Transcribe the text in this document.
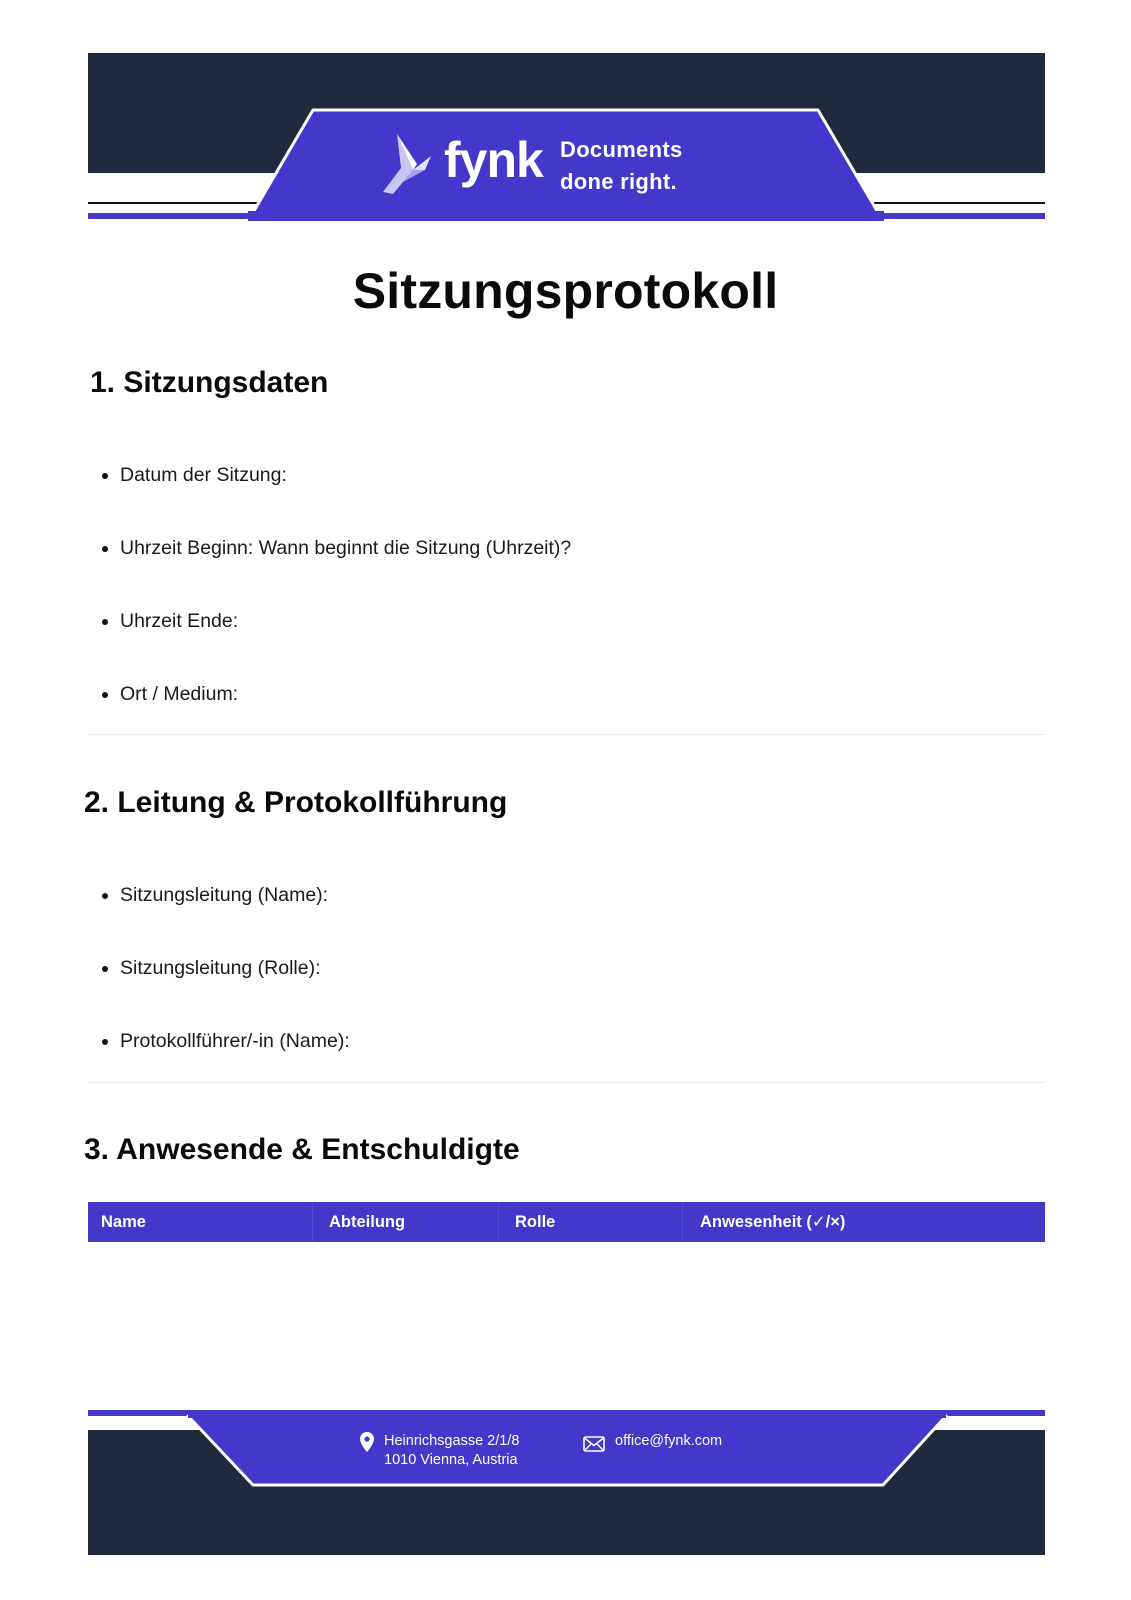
fynk Documents
done right.
Sitzungsprotokoll
1. Sitzungsdaten
Datum der Sitzung:
Uhrzeit Beginn: Wann beginnt die Sitzung (Uhrzeit)?
Uhrzeit Ende:
Ort / Medium:
2. Leitung & Protokollführung
Sitzungsleitung (Name):
Sitzungsleitung (Rolle):
Protokollführer/-in (Name):
3. Anwesende & Entschuldigte
Name	Abteilung	Rolle	Anwesenheit (✓/×)
Heinrichsgasse 2/1/8
1010 Vienna, Austria
office@fynk.com
